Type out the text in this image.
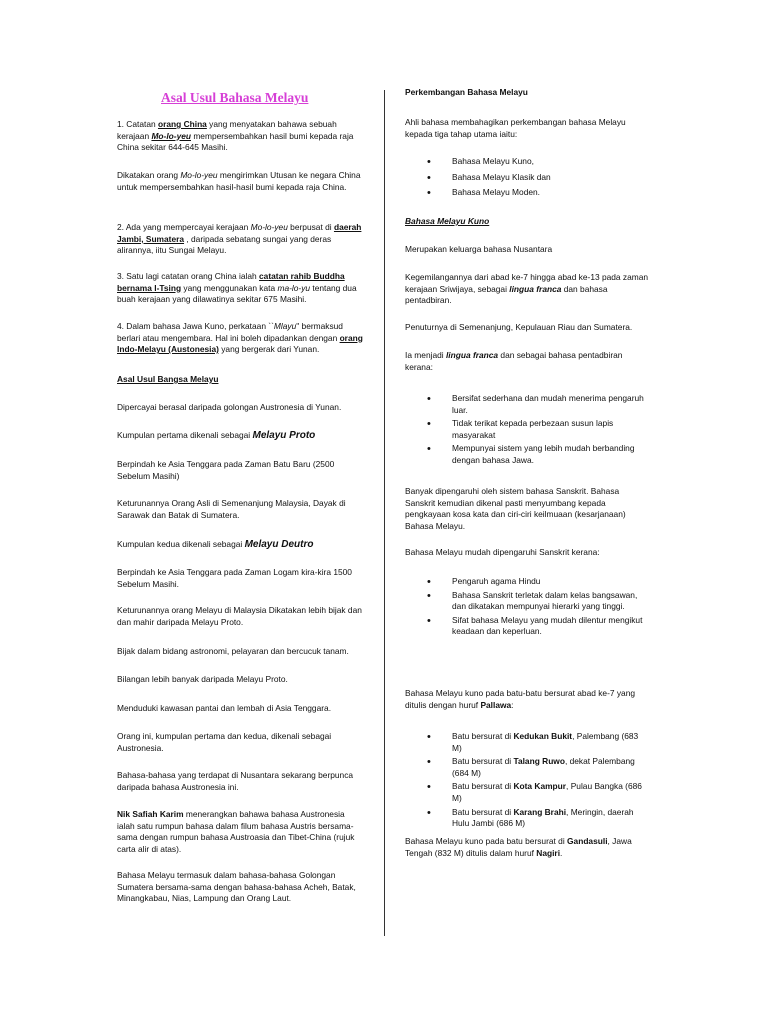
Asal Usul Bahasa Melayu

1. Catatan orang China yang menyatakan bahawa sebuah kerajaan Mo-lo-yeu mempersembahkan hasil bumi kepada raja China sekitar 644-645 Masihi.

Dikatakan orang Mo-lo-yeu mengirimkan Utusan ke negara China untuk mempersembahkan hasil-hasil bumi kepada raja China.

2. Ada yang mempercayai kerajaan Mo-lo-yeu berpusat di daerah Jambi, Sumatera , daripada sebatang sungai yang deras alirannya, iitu Sungai Melayu.

3. Satu lagi catatan orang China ialah catatan rahib Buddha bernama I-Tsing yang menggunakan kata ma-lo-yu tentang dua buah kerajaan yang dilawatinya sekitar 675 Masihi.

4. Dalam bahasa Jawa Kuno, perkataan ``Mlayu" bermaksud berlari atau mengembara. Hal ini boleh dipadankan dengan orang Indo-Melayu (Austonesia) yang bergerak dari Yunan.

Asal Usul Bangsa Melayu

Dipercayai berasal daripada golongan Austronesia di Yunan.

Kumpulan pertama dikenali sebagai Melayu Proto

Berpindah ke Asia Tenggara pada Zaman Batu Baru (2500 Sebelum Masihi)

Keturunannya Orang Asli di Semenanjung Malaysia, Dayak di Sarawak dan Batak di Sumatera.

Kumpulan kedua dikenali sebagai Melayu Deutro

Berpindah ke Asia Tenggara pada Zaman Logam kira-kira 1500 Sebelum Masihi.

Keturunannya orang Melayu di Malaysia Dikatakan lebih bijak dan dan mahir daripada Melayu Proto.

Bijak dalam bidang astronomi, pelayaran dan bercucuk tanam.

Bilangan lebih banyak daripada Melayu Proto.

Menduduki kawasan pantai dan lembah di Asia Tenggara.

Orang ini, kumpulan pertama dan kedua, dikenali sebagai Austronesia.

Bahasa-bahasa yang terdapat di Nusantara sekarang berpunca daripada bahasa Austronesia ini.

Nik Safiah Karim menerangkan bahawa bahasa Austronesia ialah satu rumpun bahasa dalam filum bahasa Austris bersama-sama dengan rumpun bahasa Austroasia dan Tibet-China (rujuk carta alir di atas).

Bahasa Melayu termasuk dalam bahasa-bahasa Golongan Sumatera bersama-sama dengan bahasa-bahasa Acheh, Batak, Minangkabau, Nias, Lampung dan Orang Laut.

Perkembangan Bahasa Melayu

Ahli bahasa membahagikan perkembangan bahasa Melayu kepada tiga tahap utama iaitu:

• Bahasa Melayu Kuno,
• Bahasa Melayu Klasik dan
• Bahasa Melayu Moden.

Bahasa Melayu Kuno

Merupakan keluarga bahasa Nusantara

Kegemilangannya dari abad ke-7 hingga abad ke-13 pada zaman kerajaan Sriwijaya, sebagai lingua franca dan bahasa pentadbiran.

Penuturnya di Semenanjung, Kepulauan Riau dan Sumatera.

Ia menjadi lingua franca dan sebagai bahasa pentadbiran kerana:

• Bersifat sederhana dan mudah menerima pengaruh luar.
• Tidak terikat kepada perbezaan susun lapis masyarakat
• Mempunyai sistem yang lebih mudah berbanding dengan bahasa Jawa.

Banyak dipengaruhi oleh sistem bahasa Sanskrit. Bahasa Sanskrit kemudian dikenal pasti menyumbang kepada pengkayaan kosa kata dan ciri-ciri keilmuaan (kesarjanaan) Bahasa Melayu.

Bahasa Melayu mudah dipengaruhi Sanskrit kerana:

• Pengaruh agama Hindu
• Bahasa Sanskrit terletak dalam kelas bangsawan, dan dikatakan mempunyai hierarki yang tinggi.
• Sifat bahasa Melayu yang mudah dilentur mengikut keadaan dan keperluan.

Bahasa Melayu kuno pada batu-batu bersurat abad ke-7 yang ditulis dengan huruf Pallawa:

• Batu bersurat di Kedukan Bukit, Palembang (683 M)
• Batu bersurat di Talang Ruwo, dekat Palembang (684 M)
• Batu bersurat di Kota Kampur, Pulau Bangka (686 M)
• Batu bersurat di Karang Brahi, Meringin, daerah Hulu Jambi (686 M)

Bahasa Melayu kuno pada batu bersurat di Gandasuli, Jawa Tengah (832 M) ditulis dalam huruf Nagiri.
